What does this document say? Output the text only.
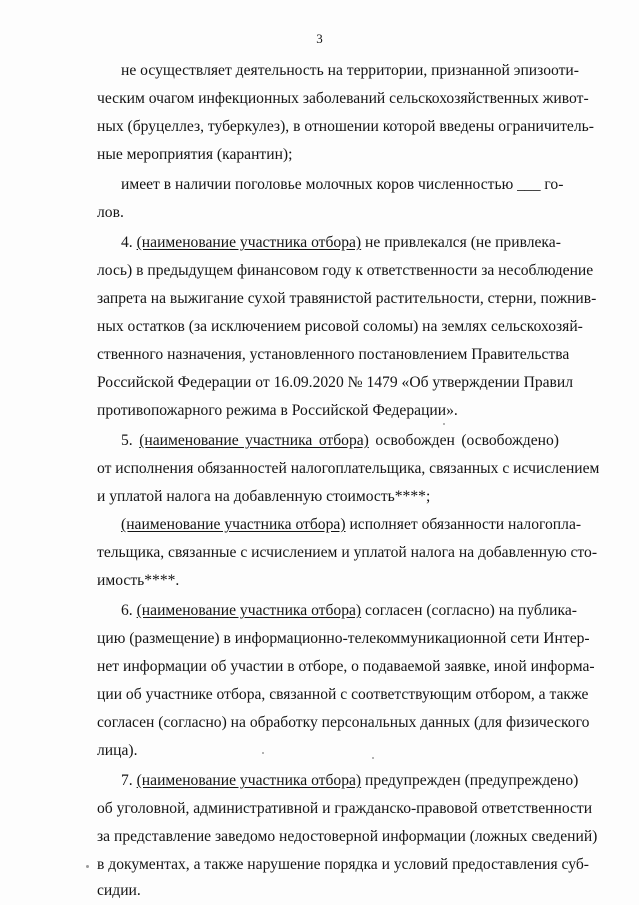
3
не осуществляет деятельность на территории, признанной эпизооти-
ческим очагом инфекционных заболеваний сельскохозяйственных живот-
ных (бруцеллез, туберкулез), в отношении которой введены ограничитель-
ные мероприятия (карантин);
имеет в наличии поголовье молочных коров численностью ___ го-
лов.
4. (наименование участника отбора) не привлекался (не привлека-
лось) в предыдущем финансовом году к ответственности за несоблюдение
запрета на выжигание сухой травянистой растительности, стерни, пожнив-
ных остатков (за исключением рисовой соломы) на землях сельскохозяй-
ственного назначения, установленного постановлением Правительства
Российской Федерации от 16.09.2020 № 1479 «Об утверждении Правил
противопожарного режима в Российской Федерации».
5. (наименование участника отбора) освобожден (освобождено)
от исполнения обязанностей налогоплательщика, связанных с исчислением
и уплатой налога на добавленную стоимость****;
(наименование участника отбора) исполняет обязанности налогопла-
тельщика, связанные с исчислением и уплатой налога на добавленную сто-
имость****.
6. (наименование участника отбора) согласен (согласно) на публика-
цию (размещение) в информационно-телекоммуникационной сети Интер-
нет информации об участии в отборе, о подаваемой заявке, иной информа-
ции об участнике отбора, связанной с соответствующим отбором, а также
согласен (согласно) на обработку персональных данных (для физического
лица).
7. (наименование участника отбора) предупрежден (предупреждено)
об уголовной, административной и гражданско-правовой ответственности
за представление заведомо недостоверной информации (ложных сведений)
в документах, а также нарушение порядка и условий предоставления суб-
сидии.
